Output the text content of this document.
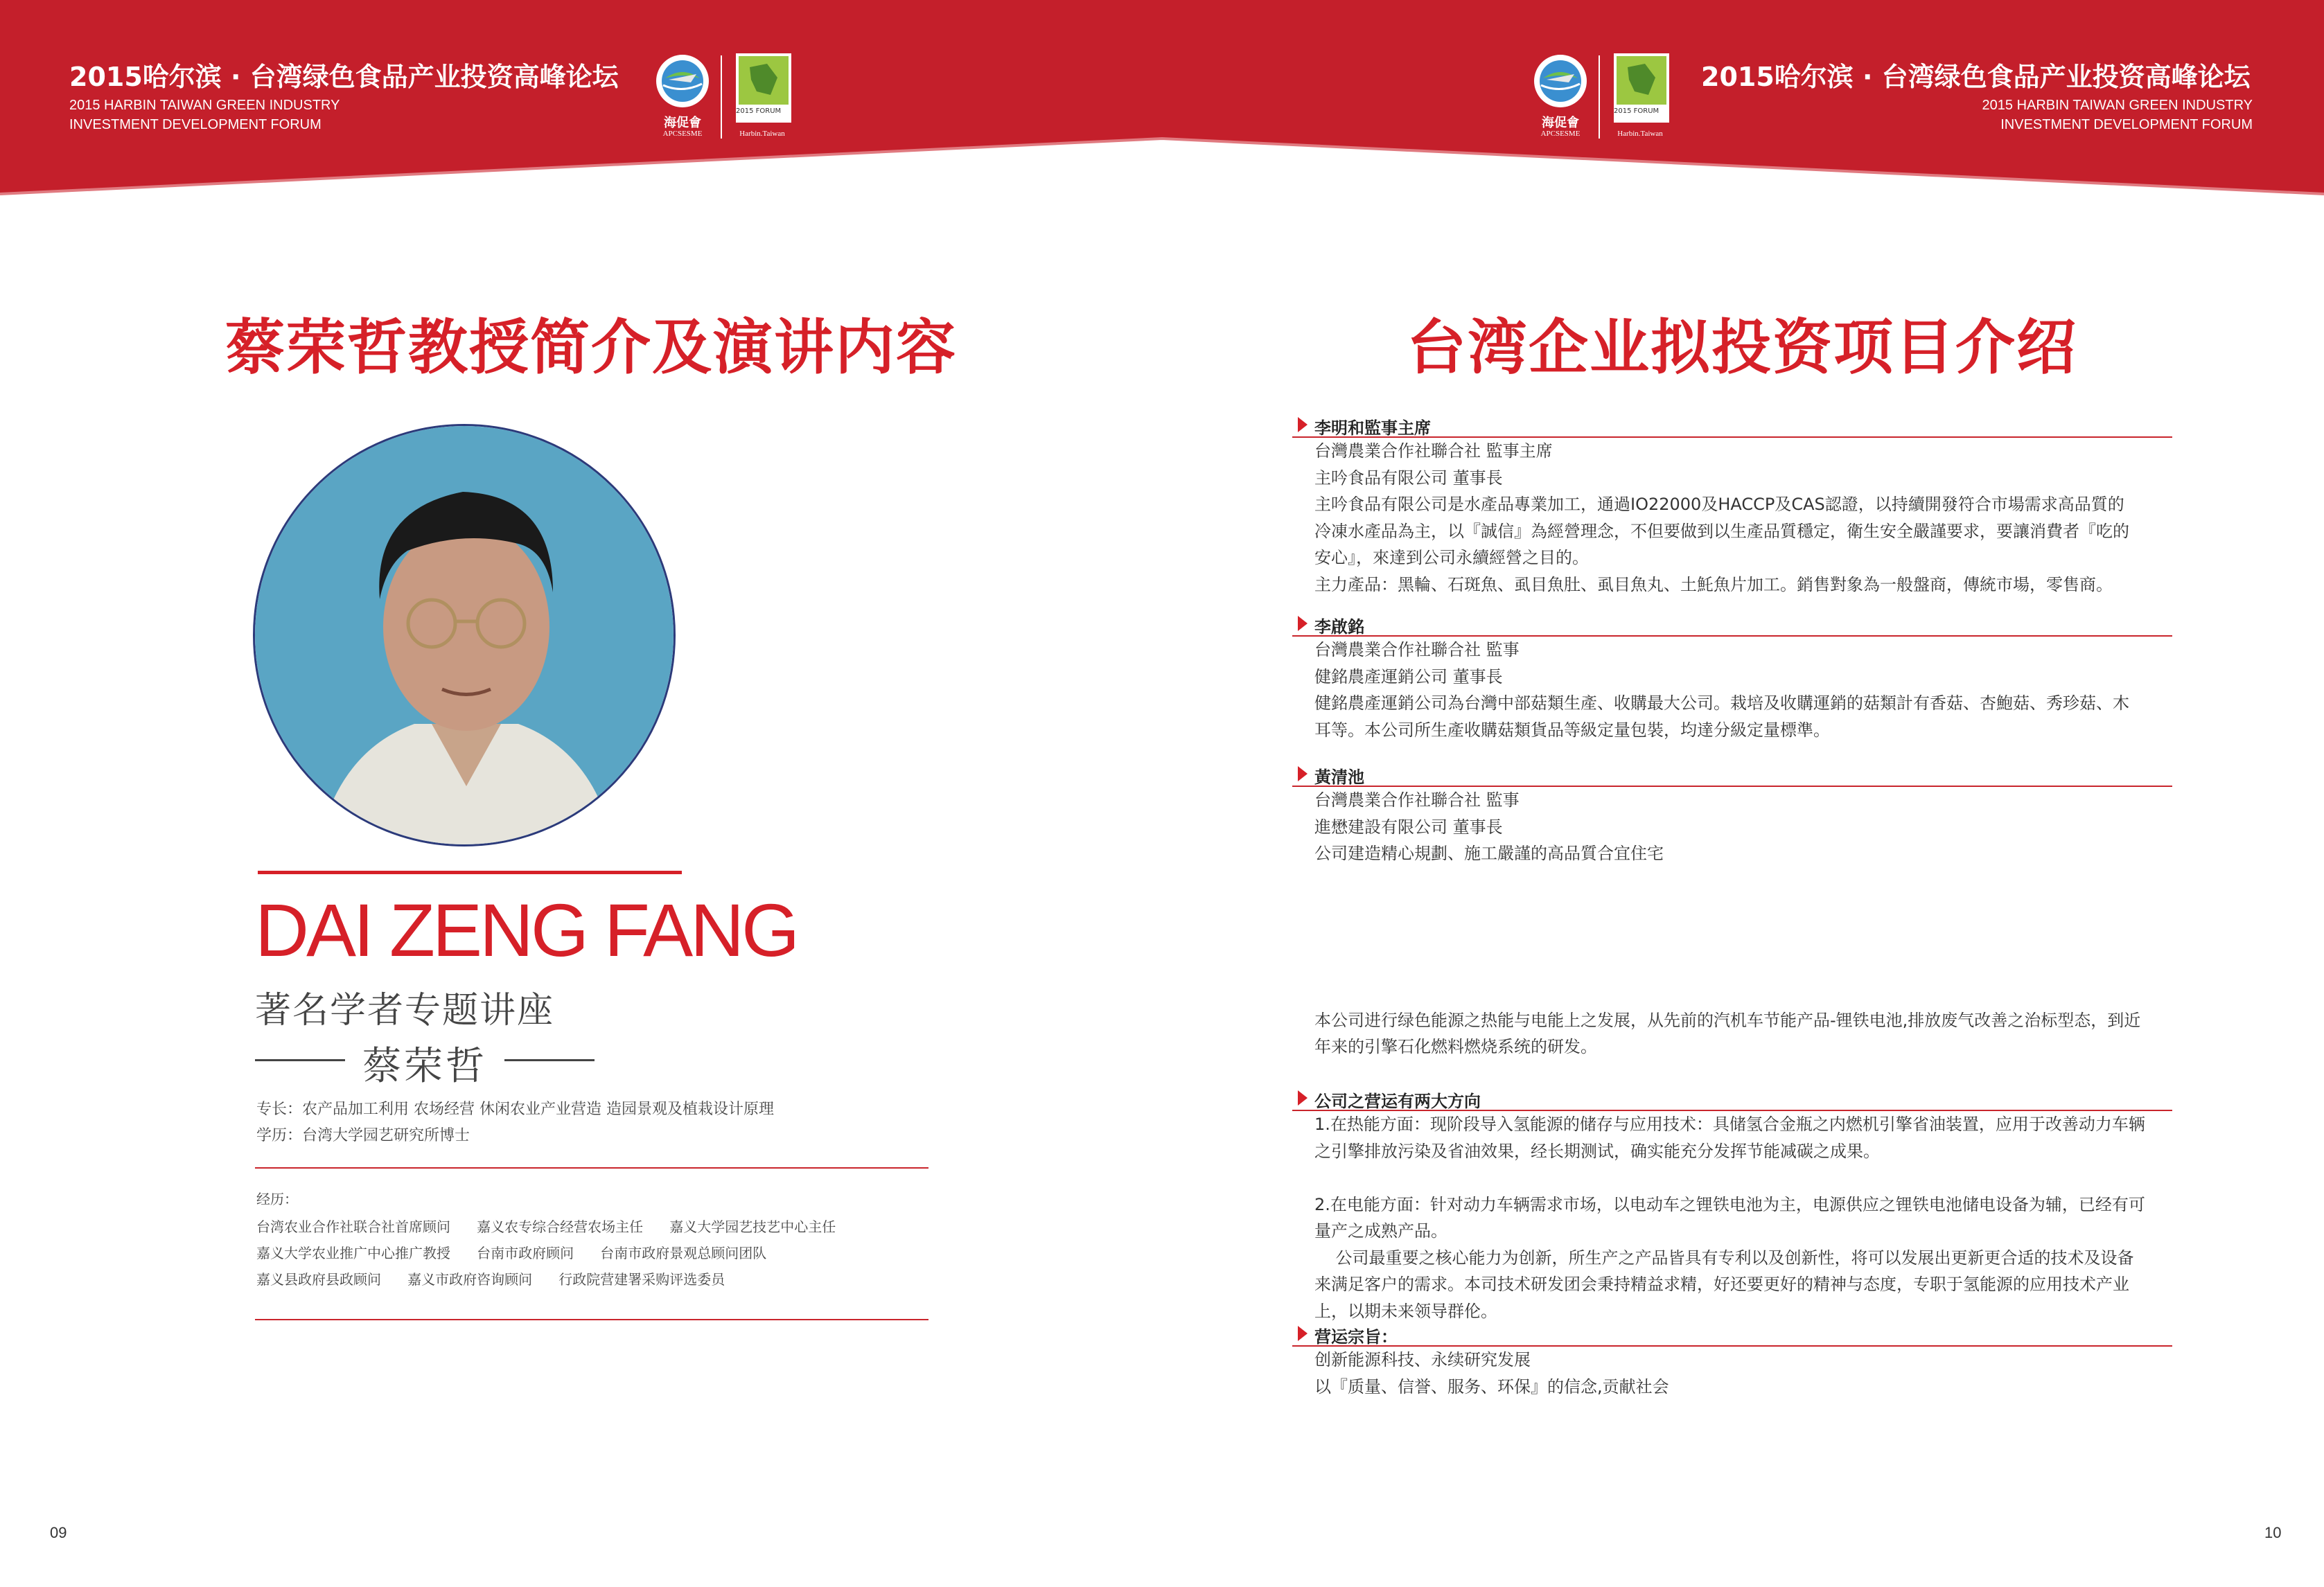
2015哈尔滨 · 台湾绿色食品产业投资高峰论坛
2015 HARBIN TAIWAN GREEN INDUSTRY
INVESTMENT DEVELOPMENT FORUM	海促會
APCSESME
2015 FORUM
Harbin.Taiwan
海促會
APCSESME
2015 FORUM
Harbin.Taiwan
2015哈尔滨 · 台湾绿色食品产业投资高峰论坛
2015 HARBIN TAIWAN GREEN INDUSTRY
INVESTMENT DEVELOPMENT FORUM
蔡荣哲教授简介及演讲内容
DAI ZENG FANG
著名学者专题讲座
蔡荣哲
专长：农产品加工利用 农场经营 休闲农业产业营造 造园景观及植栽设计原理
学历：台湾大学园艺研究所博士
经历：
台湾农业合作社联合社首席顾问      嘉义农专综合经营农场主任      嘉义大学园艺技艺中心主任
嘉义大学农业推广中心推广教授      台南市政府顾问      台南市政府景观总顾问团队
嘉义县政府县政顾问      嘉义市政府咨询顾问      行政院营建署采购评选委员
09
台湾企业拟投资项目介绍
李明和監事主席
台灣農業合作社聯合社 監事主席
主吟食品有限公司 董事長
主吟食品有限公司是水產品專業加工，通過IO22000及HACCP及CAS認證，以持續開發符合市場需求高品質的
冷凍水產品為主，以『誠信』為經營理念，不但要做到以生產品質穩定，衛生安全嚴謹要求，要讓消費者『吃的
安心』，來達到公司永續經營之目的。
主力產品：黑輪、石斑魚、虱目魚肚、虱目魚丸、土魠魚片加工。銷售對象為一般盤商，傳統市場，零售商。
李啟銘
台灣農業合作社聯合社 監事
健銘農產運銷公司 董事長
健銘農產運銷公司為台灣中部菇類生產、收購最大公司。栽培及收購運銷的菇類計有香菇、杏鮑菇、秀珍菇、木
耳等。本公司所生產收購菇類貨品等級定量包裝，均達分級定量標準。
黃清池
台灣農業合作社聯合社 監事
進懋建設有限公司 董事長
公司建造精心規劃、施工嚴謹的高品質合宜住宅
本公司进行绿色能源之热能与电能上之发展，从先前的汽机车节能产品-锂铁电池,排放废气改善之治标型态，到近
年来的引擎石化燃料燃烧系统的研发。
公司之营运有两大方向
1.在热能方面：现阶段导入氢能源的储存与应用技术：具储氢合金瓶之内燃机引擎省油装置，应用于改善动力车辆
之引擎排放污染及省油效果，经长期测试，确实能充分发挥节能减碳之成果。
2.在电能方面：针对动力车辆需求市场，以电动车之锂铁电池为主，电源供应之锂铁电池储电设备为辅，已经有可
量产之成熟产品。
公司最重要之核心能力为创新，所生产之产品皆具有专利以及创新性，将可以发展出更新更合适的技术及设备
来满足客户的需求。本司技术研发团会秉持精益求精，好还要更好的精神与态度，专职于氢能源的应用技术产业
上，以期未来领导群伦。
营运宗旨：
创新能源科技、永续研究发展
以『质量、信誉、服务、环保』的信念,贡献社会
10
